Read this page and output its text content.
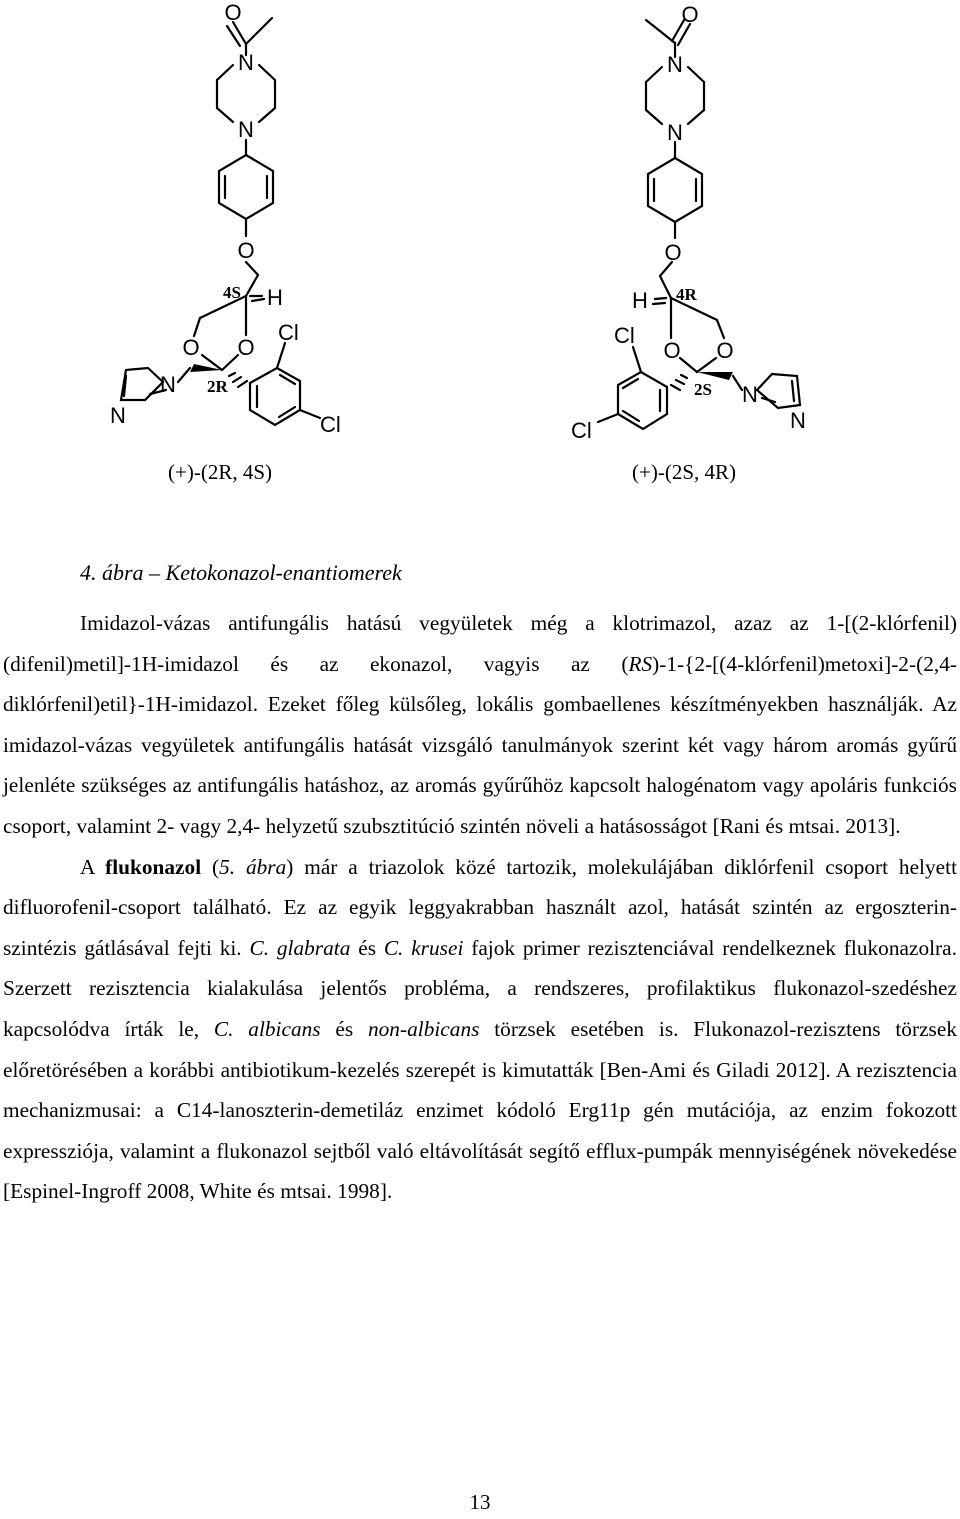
O
N
N
O
4S H
O O
2R
Cl
Cl
N
N
O
N
N
O
H 4R
Cl
O O
2S N
N
Cl
(+)-(2R, 4S)	(+)-(2S, 4R)
4. ábra – Ketokonazol-enantiomerek

Imidazol-vázas antifungális hatású vegyületek még a klotrimazol, azaz az 1-[(2-klórfenil)(difenil)metil]-1H-imidazol és az ekonazol, vagyis az (RS)-1-{2-[(4-klórfenil)metoxi]-2-(2,4-diklórfenil)etil}-1H-imidazol. Ezeket főleg külsőleg, lokális gombaellenes készítményekben használják. Az imidazol-vázas vegyületek antifungális hatását vizsgáló tanulmányok szerint két vagy három aromás gyűrű jelenléte szükséges az antifungális hatáshoz, az aromás gyűrűhöz kapcsolt halogénatom vagy apoláris funkciós csoport, valamint 2- vagy 2,4- helyzetű szubsztitúció szintén növeli a hatásosságot [Rani és mtsai. 2013].

A flukonazol (5. ábra) már a triazolok közé tartozik, molekulájában diklórfenil csoport helyett difluorofenil-csoport található. Ez az egyik leggyakrabban használt azol, hatását szintén az ergoszterin-szintézis gátlásával fejti ki. C. glabrata és C. krusei fajok primer rezisztenciával rendelkeznek flukonazolra. Szerzett rezisztencia kialakulása jelentős probléma, a rendszeres, profilaktikus flukonazol-szedéshez kapcsolódva írták le, C. albicans és non-albicans törzsek esetében is. Flukonazol-rezisztens törzsek előretörésében a korábbi antibiotikum-kezelés szerepét is kimutatták [Ben-Ami és Giladi 2012]. A rezisztencia mechanizmusai: a C14-lanoszterin-demetiláz enzimet kódoló Erg11p gén mutációja, az enzim fokozott expressziója, valamint a flukonazol sejtből való eltávolítását segítő efflux-pumpák mennyiségének növekedése [Espinel-Ingroff 2008, White és mtsai. 1998].

13
